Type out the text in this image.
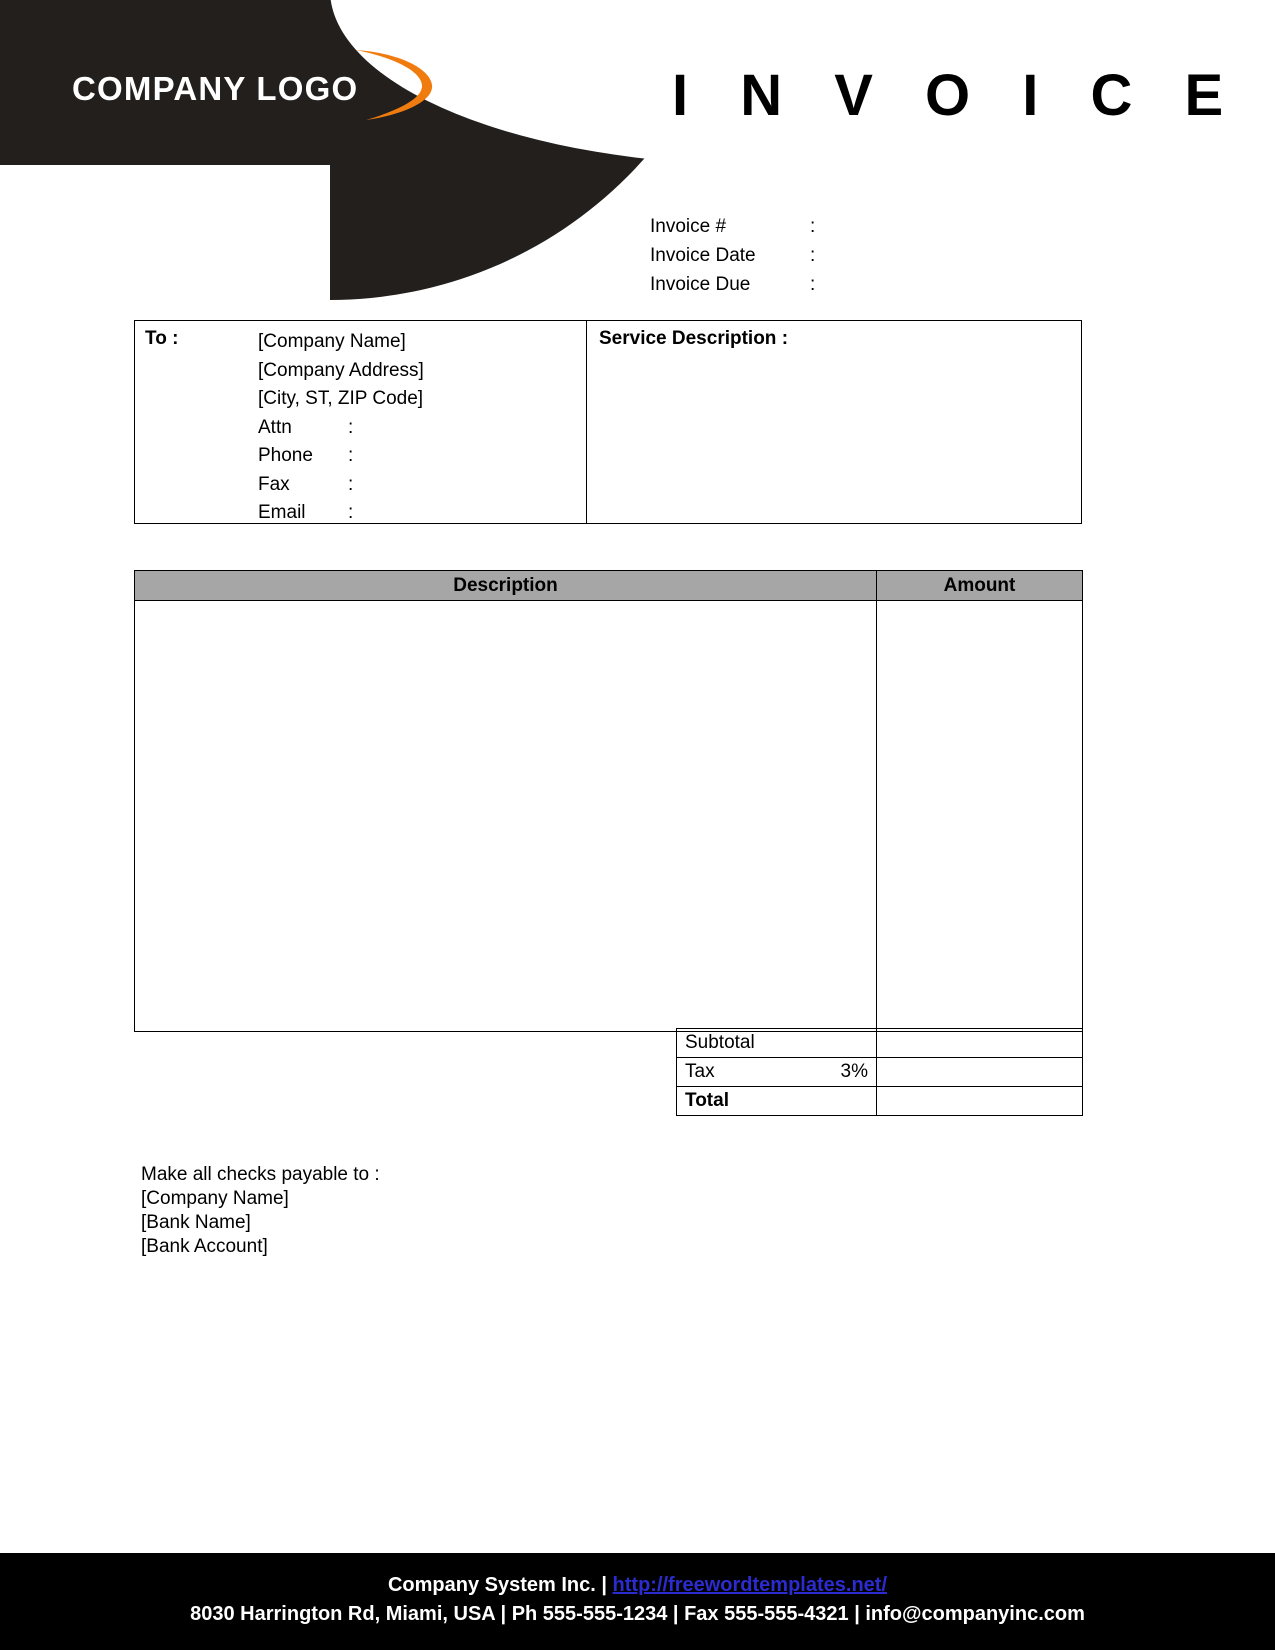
COMPANY LOGO	I N V O I C E
Invoice #	:
Invoice Date	:
Invoice Due	:
To :	[Company Name]
[Company Address]
[City, ST, ZIP Code]
Attn	:
Phone :
Fax	:
Email :
Service Description :
Description	Amount

Subtotal	

Tax 3%	

Total	
Make all checks payable to :
[Company Name]
[Bank Name]
[Bank Account]
Company System Inc. | http://freewordtemplates.net/
8030 Harrington Rd, Miami, USA | Ph 555-555-1234 | Fax 555-555-4321 | info@companyinc.com
